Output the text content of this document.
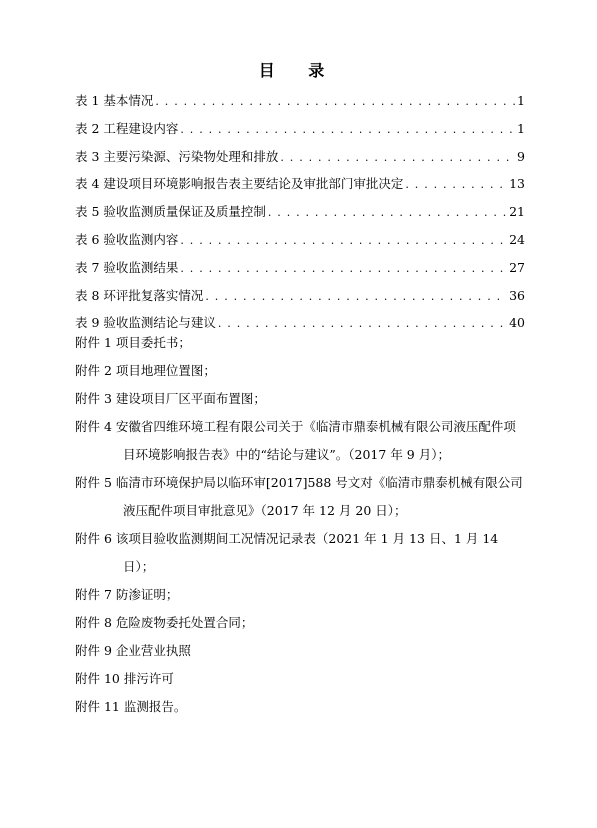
目 录
表 1 基本情况 . . .	1
表 2 工程建设内容 . . .	1
表 3 主要污染源、污染物处理和排放 . . .	9
表 4 建设项目环境影响报告表主要结论及审批部门审批决定 . . .	13
表 5 验收监测质量保证及质量控制 . . .	21
表 6 验收监测内容 . . .	24
表 7 验收监测结果 . . .	27
表 8 环评批复落实情况 . . .	36
表 9 验收监测结论与建议 . . .	40
附件 1 项目委托书；
附件 2 项目地理位置图；
附件 3 建设项目厂区平面布置图；
附件 4 安徽省四维环境工程有限公司关于《临清市鼎泰机械有限公司液压配件项目环境影响报告表》中的“结论与建议”。（2017 年 9 月）；
附件 5 临清市环境保护局以临环审[2017]588 号文对《临清市鼎泰机械有限公司液压配件项目审批意见》（2017 年 12 月 20 日）；
附件 6 该项目验收监测期间工况情况记录表（2021 年 1 月 13 日、1 月 14 日）；
附件 7 防渗证明；
附件 8 危险废物委托处置合同；
附件 9 企业营业执照
附件 10 排污许可
附件 11 监测报告。
